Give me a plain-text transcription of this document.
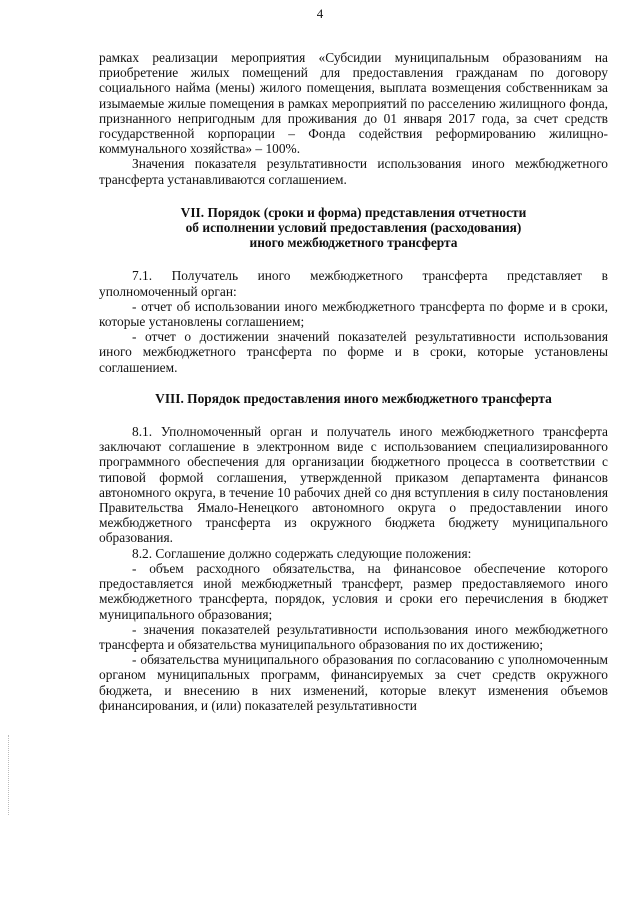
4

рамках реализации мероприятия «Субсидии муниципальным образованиям на приобретение жилых помещений для предоставления гражданам по договору социального найма (мены) жилого помещения, выплата возмещения собственникам за изымаемые жилые помещения в рамках мероприятий по расселению жилищного фонда, признанного непригодным для проживания до 01 января 2017 года, за счет средств государственной корпорации – Фонда содействия реформированию жилищно-коммунального хозяйства» – 100%.

Значения показателя результативности использования иного межбюджетного трансферта устанавливаются соглашением.

VII. Порядок (сроки и форма) представления отчетности
об исполнении условий предоставления (расходования)
иного межбюджетного трансферта

7.1. Получатель иного межбюджетного трансферта представляет в уполномоченный орган:

- отчет об использовании иного межбюджетного трансферта по форме и в сроки, которые установлены соглашением;

- отчет о достижении значений показателей результативности использования иного межбюджетного трансферта по форме и в сроки, которые установлены соглашением.

VIII. Порядок предоставления иного межбюджетного трансферта

8.1. Уполномоченный орган и получатель иного межбюджетного трансферта заключают соглашение в электронном виде с использованием специализированного программного обеспечения для организации бюджетного процесса в соответствии с типовой формой соглашения, утвержденной приказом департамента финансов автономного округа, в течение 10 рабочих дней со дня вступления в силу постановления Правительства Ямало-Ненецкого автономного округа о предоставлении иного межбюджетного трансферта из окружного бюджета бюджету муниципального образования.

8.2. Соглашение должно содержать следующие положения:

- объем расходного обязательства, на финансовое обеспечение которого предоставляется иной межбюджетный трансферт, размер предоставляемого иного межбюджетного трансферта, порядок, условия и сроки его перечисления в бюджет муниципального образования;

- значения показателей результативности использования иного межбюджетного трансферта и обязательства муниципального образования по их достижению;

- обязательства муниципального образования по согласованию с уполномоченным органом муниципальных программ, финансируемых за счет средств окружного бюджета, и внесению в них изменений, которые влекут изменения объемов финансирования, и (или) показателей результативности
